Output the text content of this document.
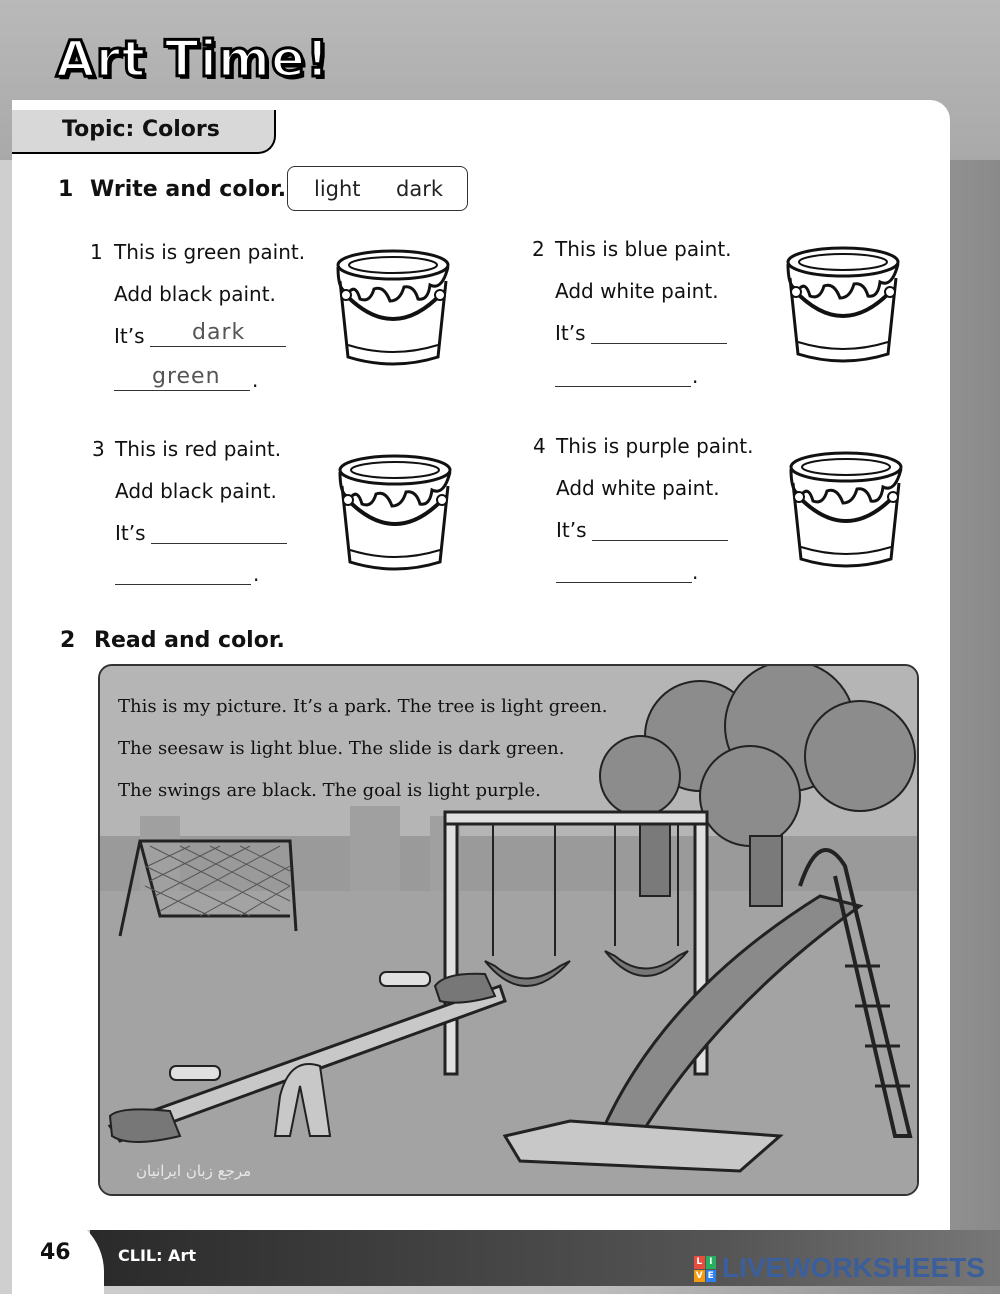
Art Time!
Topic: Colors
1 Write and color. light dark
1 This is green paint.
Add black paint.
It’s dark
green .
2 This is blue paint.
Add white paint.
It’s
.
3 This is red paint.
Add black paint.
It’s
.
4 This is purple paint.
Add white paint.
It’s
.
2 Read and color.
This is my picture. It’s a park. The tree is light green.
The seesaw is light blue. The slide is dark green.
The swings are black. The goal is light purple.
مرجع زبان ایرانیان
46	CLIL: Art	L I
V E LIVEWORKSHEETS
